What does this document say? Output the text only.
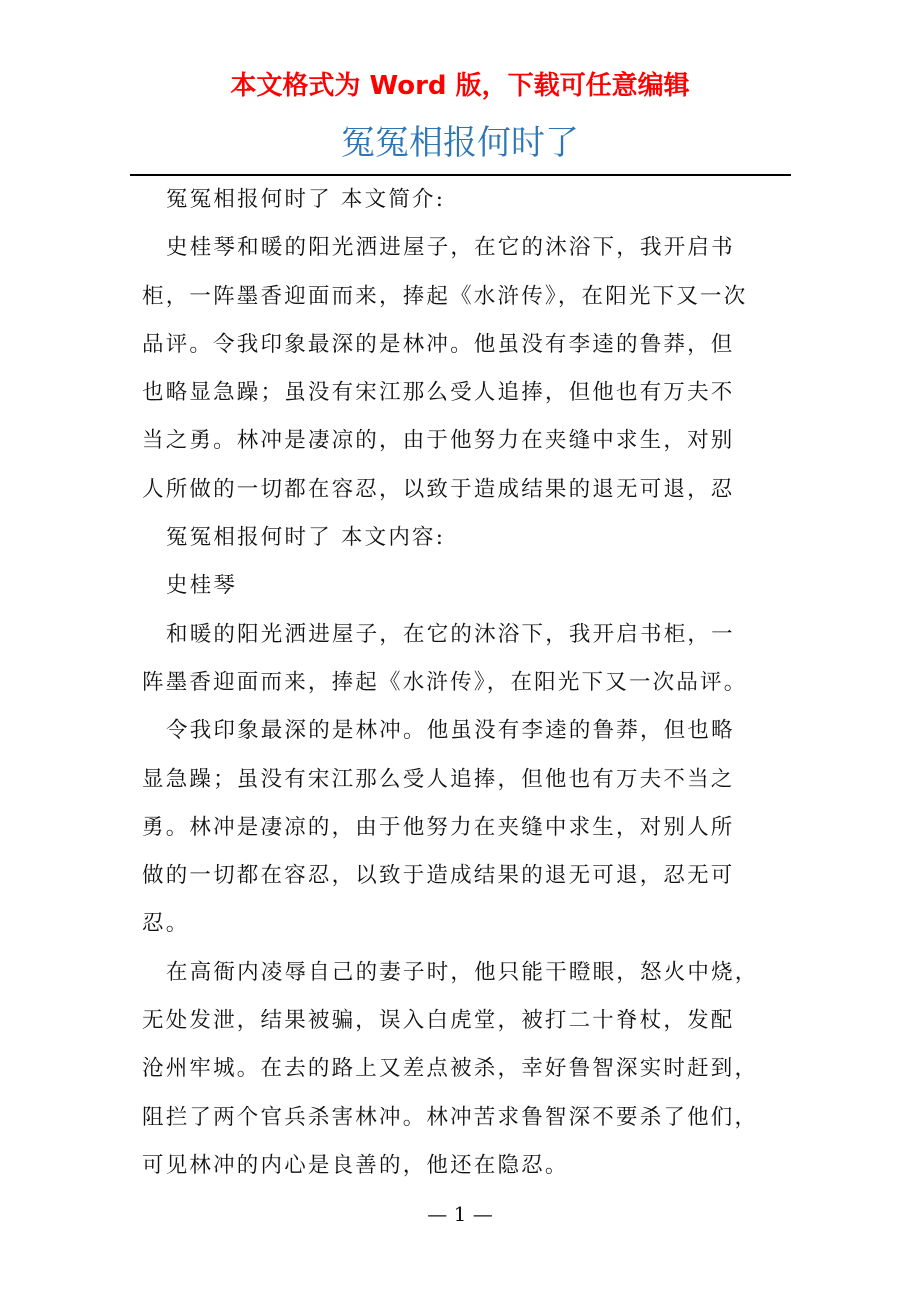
本文格式为 Word 版，下载可任意编辑
冤冤相报何时了
冤冤相报何时了 本文简介:
史桂琴和暖的阳光洒进屋子，在它的沐浴下，我开启书
柜，一阵墨香迎面而来，捧起《水浒传》，在阳光下又一次
品评。令我印象最深的是林冲。他虽没有李逵的鲁莽，但
也略显急躁；虽没有宋江那么受人追捧，但他也有万夫不
当之勇。林冲是凄凉的，由于他努力在夹缝中求生，对别
人所做的一切都在容忍，以致于造成结果的退无可退，忍
冤冤相报何时了 本文内容:
史桂琴
和暖的阳光洒进屋子，在它的沐浴下，我开启书柜，一
阵墨香迎面而来，捧起《水浒传》，在阳光下又一次品评。
令我印象最深的是林冲。他虽没有李逵的鲁莽，但也略
显急躁；虽没有宋江那么受人追捧，但他也有万夫不当之
勇。林冲是凄凉的，由于他努力在夹缝中求生，对别人所
做的一切都在容忍，以致于造成结果的退无可退，忍无可
忍。
在高衙内凌辱自己的妻子时，他只能干瞪眼，怒火中烧，
无处发泄，结果被骗，误入白虎堂，被打二十脊杖，发配
沧州牢城。在去的路上又差点被杀，幸好鲁智深实时赶到，
阻拦了两个官兵杀害林冲。林冲苦求鲁智深不要杀了他们，
可见林冲的内心是良善的，他还在隐忍。
— 1 —
